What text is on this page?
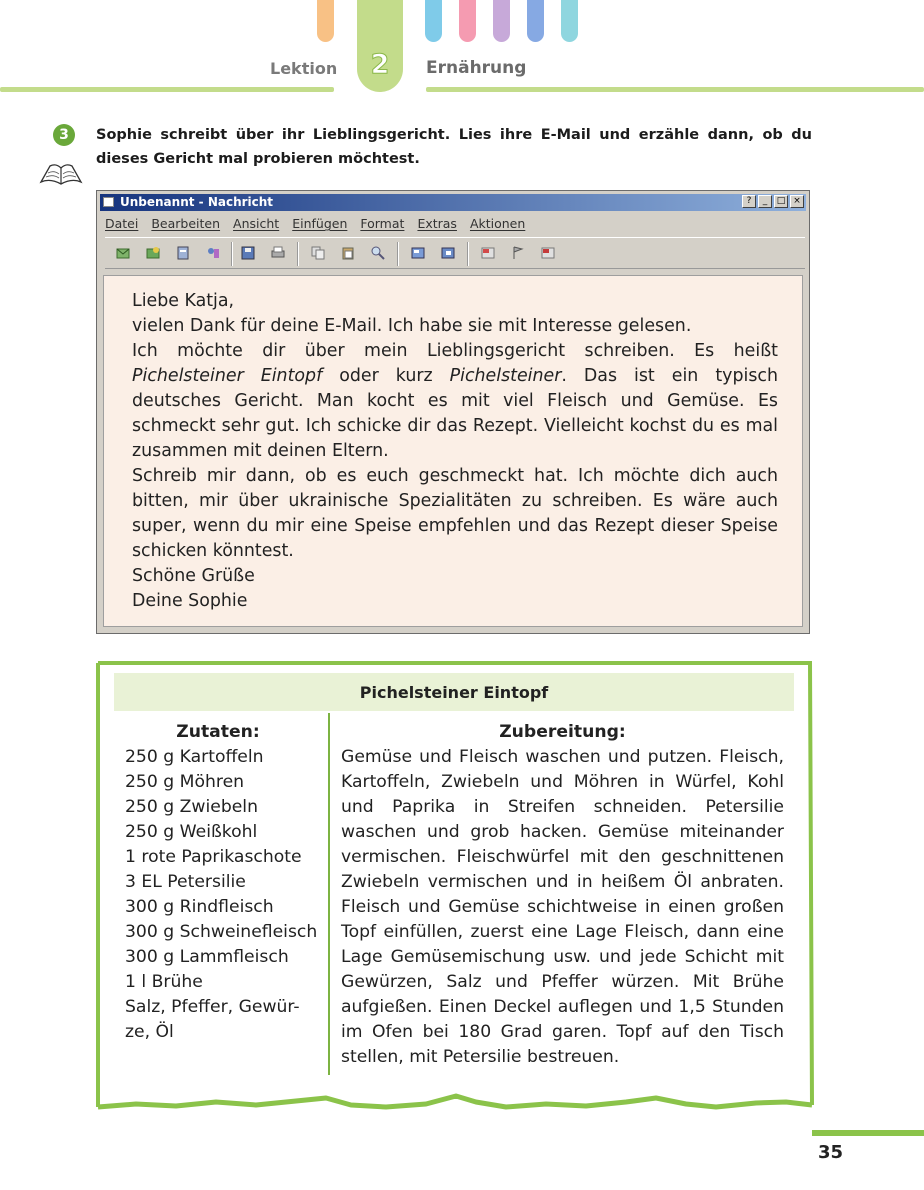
2
Lektion	Ernährung
3	Sophie schreibt über ihr Lieblingsgericht. Lies ihre E-Mail und erzähle dann, ob du dieses Gericht mal probieren möchtest.
Unbenannt - Nachricht	?	_	□ ×
Datei Bearbeiten Ansicht Einfügen Format Extras Aktionen

Liebe Katja,

vielen Dank für deine E-Mail. Ich habe sie mit Interesse gelesen.

Ich möchte dir über mein Lieblingsgericht schreiben. Es heißt Pichelsteiner Eintopf oder kurz Pichelsteiner. Das ist ein typisch deutsches Gericht. Man kocht es mit viel Fleisch und Gemüse. Es schmeckt sehr gut. Ich schicke dir das Rezept. Vielleicht kochst du es mal zusammen mit deinen Eltern.

Schreib mir dann, ob es euch geschmeckt hat. Ich möchte dich auch bitten, mir über ukrainische Spezialitäten zu schreiben. Es wäre auch super, wenn du mir eine Speise empfehlen und das Rezept dieser Speise schicken könntest.

Schöne Grüße

Deine Sophie

Pichelsteiner Eintopf
Zutaten:
250 g Kartoffeln
250 g Möhren
250 g Zwiebeln
250 g Weißkohl
1 rote Paprikaschote
3 EL Petersilie
300 g Rindfleisch
300 g Schweinefleisch
300 g Lammfleisch
1 l Brühe
Salz, Pfeffer, Gewür-
ze, Öl
Zubereitung:
Gemüse und Fleisch waschen und putzen. Fleisch, Kartoffeln, Zwiebeln und Möhren in Würfel, Kohl und Paprika in Streifen schneiden. Petersilie waschen und grob hacken. Gemüse miteinander vermischen. Fleischwürfel mit den geschnittenen Zwiebeln vermischen und in heißem Öl anbraten. Fleisch und Gemüse schichtweise in einen großen Topf einfüllen, zuerst eine Lage Fleisch, dann eine Lage Gemüsemischung usw. und jede Schicht mit Gewürzen, Salz und Pfeffer würzen. Mit Brühe aufgießen. Einen Deckel auflegen und 1,5 Stunden im Ofen bei 180 Grad garen. Topf auf den Tisch stellen, mit Petersilie bestreuen.
35
